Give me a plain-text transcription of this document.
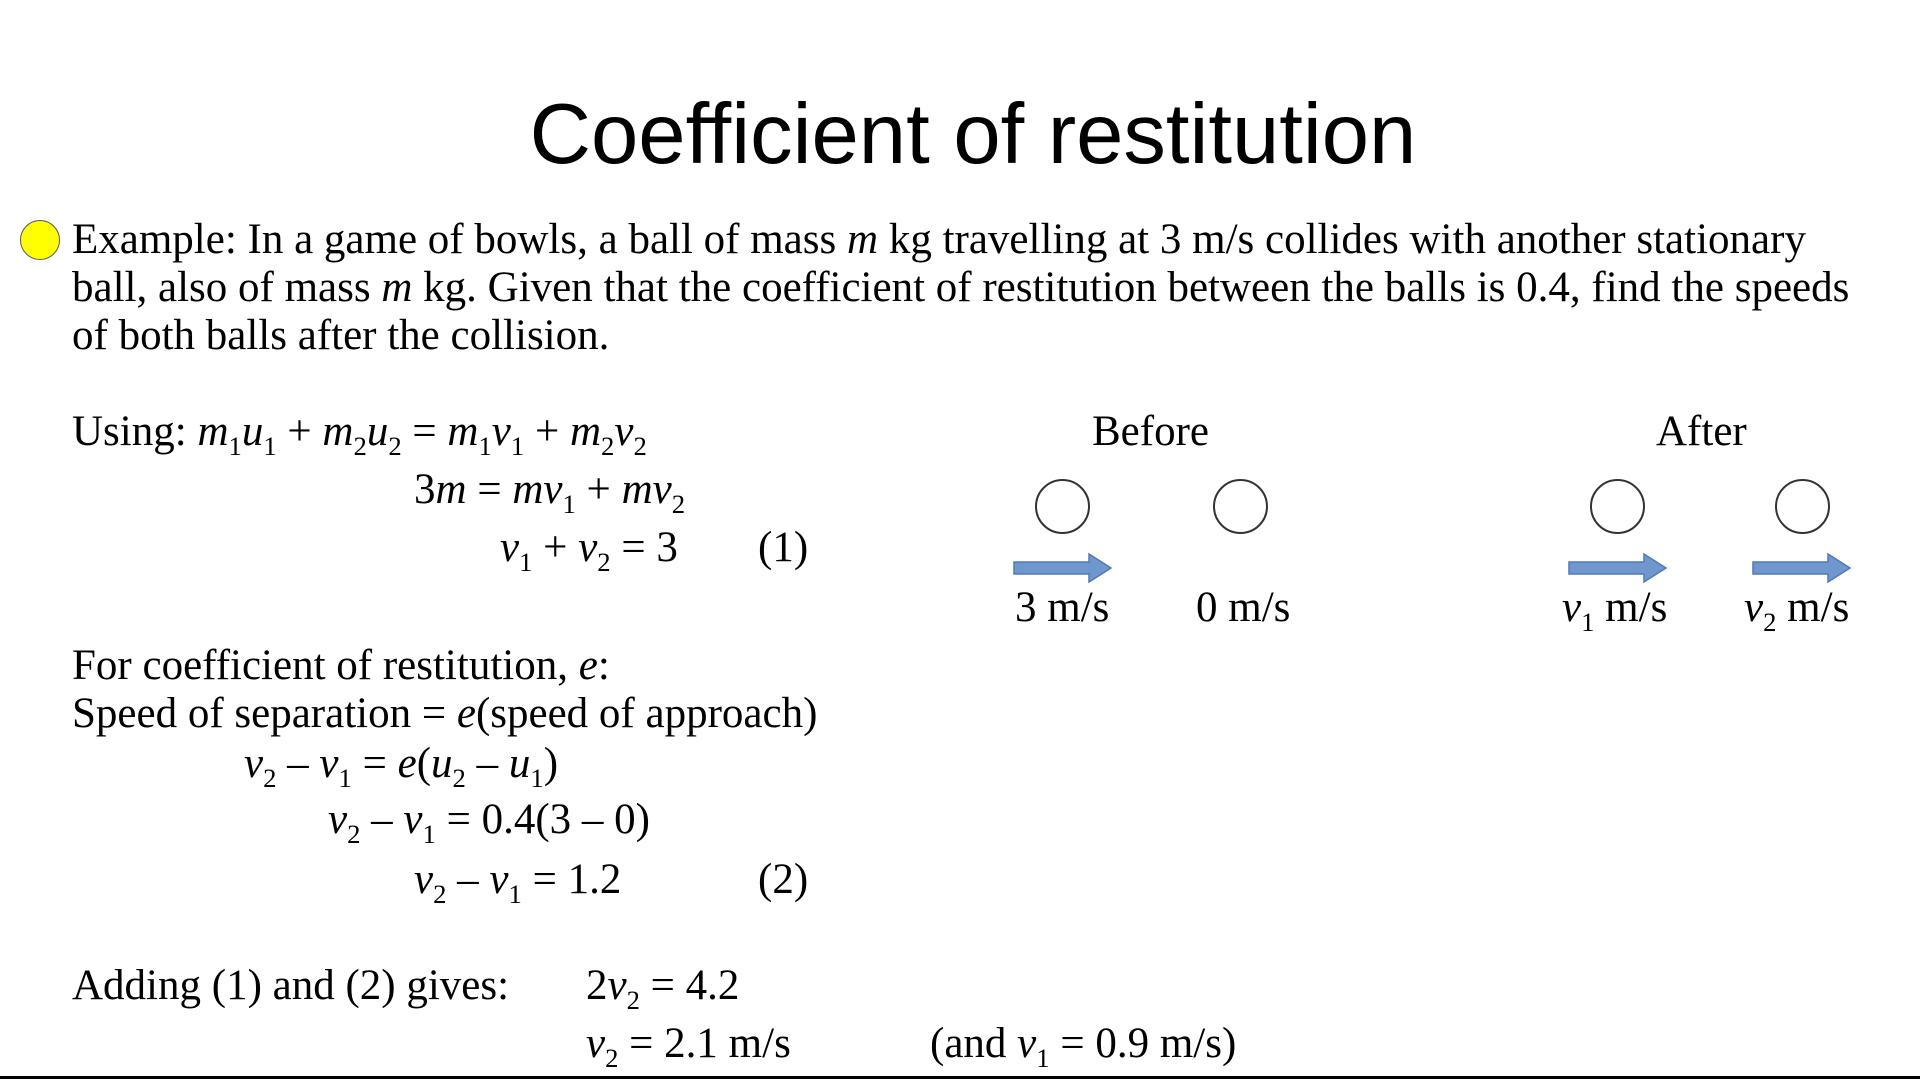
Coefficient of restitution

Example: In a game of bowls, a ball of mass m kg travelling at 3 m/s collides with another stationary

ball, also of mass m kg. Given that the coefficient of restitution between the balls is 0.4, find the speeds

of both balls after the collision.

Using: $m_1u_1 + m_2u_2 = m_1v_1 + m_2v_2$
$3m = mv_1 + mv_2$
$v_1 + v_2 = 3$ (1)
For coefficient of restitution, e:
Speed of separation = e(speed of approach)
$v_2 - v_1 = e(u_2 - u_1)$
$v_2 - v_1 = 0.4(3 - 0)$
$v_2 - v_1 = 1.2$	(2)
Adding (1) and (2) gives: $2v_2 = 4.2$
$v_2 = 2.1$ m/s	(and $v_1 = 0.9$ m/s)
Before
3 m/s 0 m/s
After
$v_1$ m/s $v_2$ m/s
